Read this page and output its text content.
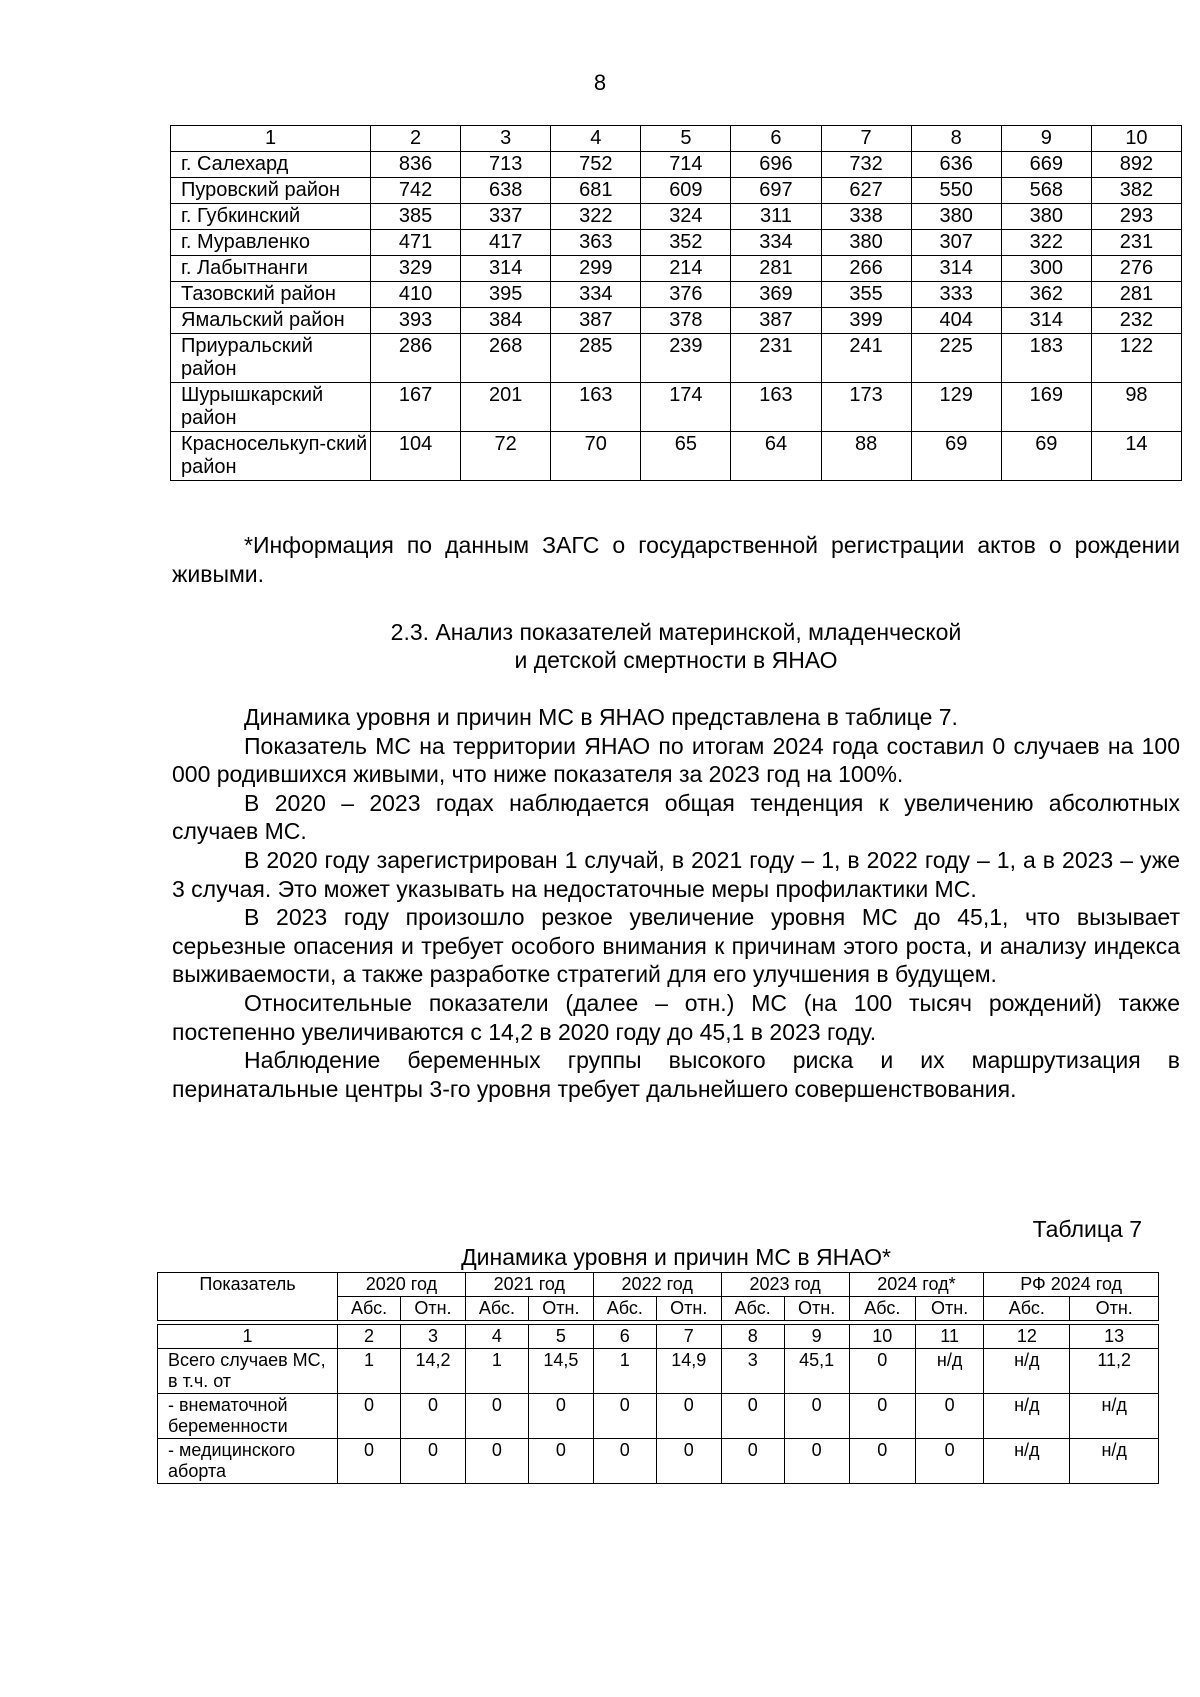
8
1	2	3	4	5	6	7	8	9	10
г. Салехард	836	713	752	714	696	732	636	669	892
Пуровский район	742	638	681	609	697	627	550	568	382
г. Губкинский	385	337	322	324	311	338	380	380	293
г. Муравленко	471	417	363	352	334	380	307	322	231
г. Лабытнанги	329	314	299	214	281	266	314	300	276
Тазовский район	410	395	334	376	369	355	333	362	281
Ямальский район	393	384	387	378	387	399	404	314	232
Приуральский район	286	268	285	239	231	241	225	183	122
Шурышкарский район	167	201	163	174	163	173	129	169	98
Красноселькуп-ский район	104	72	70	65	64	88	69	69	14

*Информация по данным ЗАГС о государственной регистрации актов о рождении живыми.

2.3. Анализ показателей материнской, младенческой
и детской смертности в ЯНАО

Динамика уровня и причин МС в ЯНАО представлена в таблице 7.

Показатель МС на территории ЯНАО по итогам 2024 года составил 0 случаев на 100 000 родившихся живыми, что ниже показателя за 2023 год на 100%.

В 2020 – 2023 годах наблюдается общая тенденция к увеличению абсолютных случаев МС.

В 2020 году зарегистрирован 1 случай, в 2021 году – 1, в 2022 году – 1, а в 2023 – уже 3 случая. Это может указывать на недостаточные меры профилактики МС.

В 2023 году произошло резкое увеличение уровня МС до 45,1, что вызывает серьезные опасения и требует особого внимания к причинам этого роста, и анализу индекса выживаемости, а также разработке стратегий для его улучшения в будущем.

Относительные показатели (далее – отн.) МС (на 100 тысяч рождений) также постепенно увеличиваются с 14,2 в 2020 году до 45,1 в 2023 году.

Наблюдение беременных группы высокого риска и их маршрутизация в перинатальные центры 3-го уровня требует дальнейшего совершенствования.

Таблица 7
Динамика уровня и причин МС в ЯНАО*
Показатель	2020 год		2021 год		2022 год		2023 год		2024 год*		РФ 2024 год	
	Абс.	Отн.	Абс.	Отн.	Абс.	Отн.	Абс.	Отн.	Абс.	Отн.	Абс.	Отн.

1	2	3	4	5	6	7	8	9	10	11	12	13
Всего случаев МС, в т.ч. от	1	14,2	1	14,5	1	14,9	3	45,1	0	н/д	н/д	11,2
- внематочной беременности	0	0	0	0	0	0	0	0	0	0	н/д	н/д
- медицинского аборта	0	0	0	0	0	0	0	0	0	0	н/д	н/д
